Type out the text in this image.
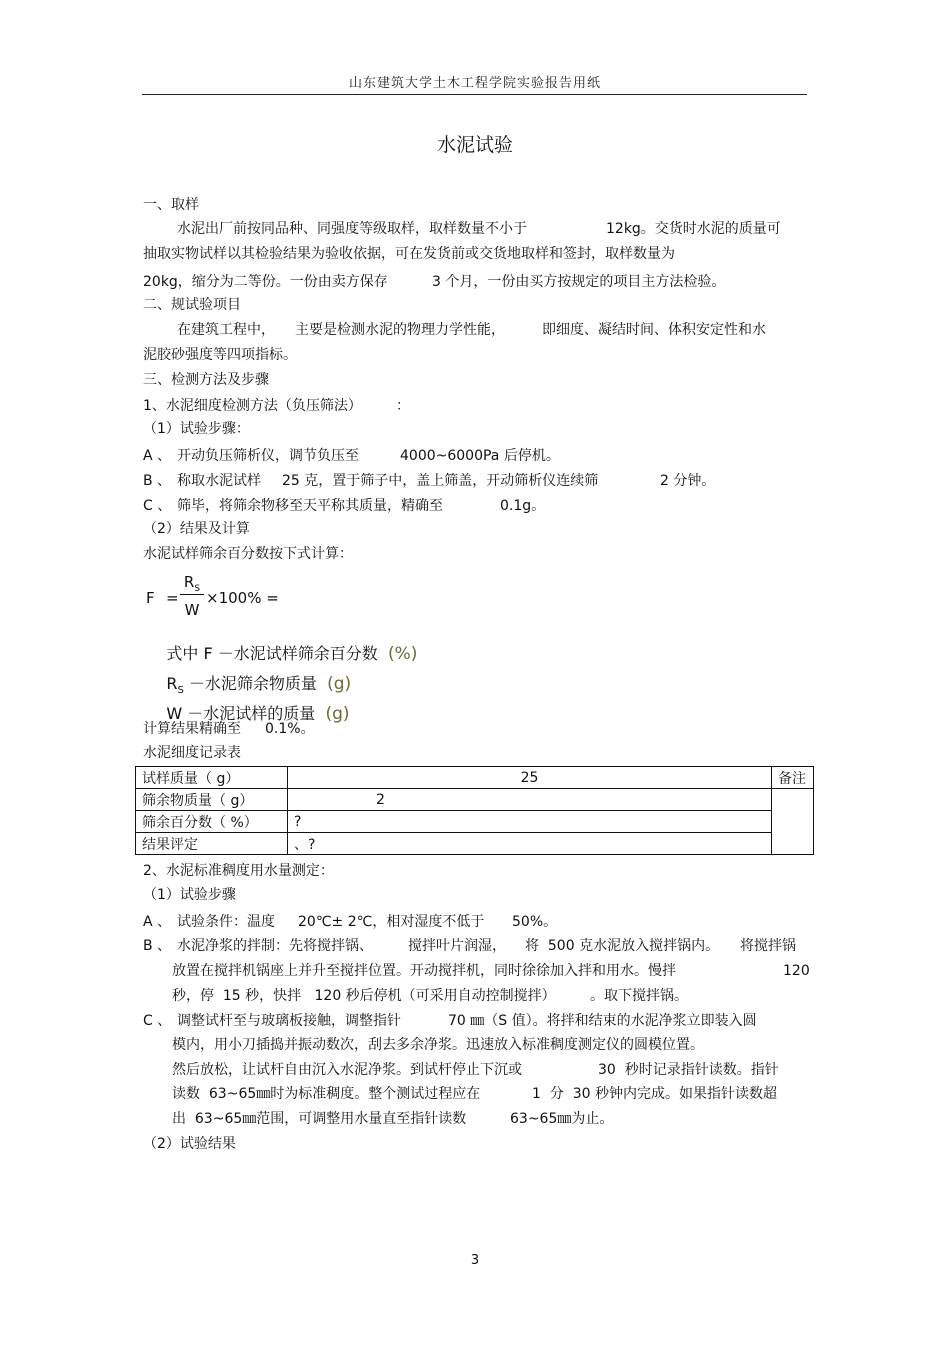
山东建筑大学土木工程学院实验报告用纸
水泥试验
一、取样
水泥出厂前按同品种、同强度等级取样，取样数量不小于	12kg。交货时水泥的质量可
抽取实物试样以其检验结果为验收依据，可在发货前或交货地取样和签封，取样数量为
20kg，缩分为二等份。一份由卖方保存	3 个月，一份由买方按规定的项目主方法检验。
二、规试验项目
在建筑工程中， 主要是检测水泥的物理力学性能，	即细度、凝结时间、体积安定性和水
泥胶砂强度等四项指标。
三、检测方法及步骤
1、水泥细度检测方法（负压筛法） ：
（1）试验步骤：
A 、 开动负压筛析仪，调节负压至	4000~6000Pa 后停机。
B 、 称取水泥试样 25 克，置于筛子中，盖上筛盖，开动筛析仪连续筛	2 分钟。
C 、 筛毕，将筛余物移至天平称其质量，精确至	0.1g。
（2）结果及计算
水泥试样筛余百分数按下式计算：
F =
$R_S$
W
×100% =

式中 F －水泥试样筛余百分数 (%)

$R_S$ －水泥筛余物质量 (g)

W －水泥试样的质量 (g)

计算结果精确至 0.1%。
水泥细度记录表
试样质量（ g）	25	备注
筛余物质量（ g）	2	
筛余百分数（ %）	?	
结果评定	、?	
2、水泥标准稠度用水量测定：
（1）试验步骤
A 、 试验条件：温度 20℃± 2℃，相对湿度不低于 50%。
B 、 水泥净浆的拌制：先将搅拌锅、	搅拌叶片润湿， 将  500 克水泥放入搅拌锅内。 将搅拌锅
放置在搅拌机锅座上并升至搅拌位置。开动搅拌机，同时徐徐加入拌和用水。慢拌	120
秒，停  15 秒，快拌   120 秒后停机（可采用自动控制搅拌） 。取下搅拌锅。
C 、 调整试杆至与玻璃板接触，调整指针	70 ㎜（S 值）。将拌和结束的水泥净浆立即装入圆
模内，用小刀插捣并振动数次，刮去多余净浆。迅速放入标准稠度测定仪的圆模位置。
然后放松，让试杆自由沉入水泥净浆。到试杆停止下沉或	30  秒时记录指针读数。指针
读数  63~65㎜时为标准稠度。整个测试过程应在	1  分  30 秒钟内完成。如果指针读数超
出  63~65㎜范围，可调整用水量直至指针读数	63~65㎜为止。
（2）试验结果
3
